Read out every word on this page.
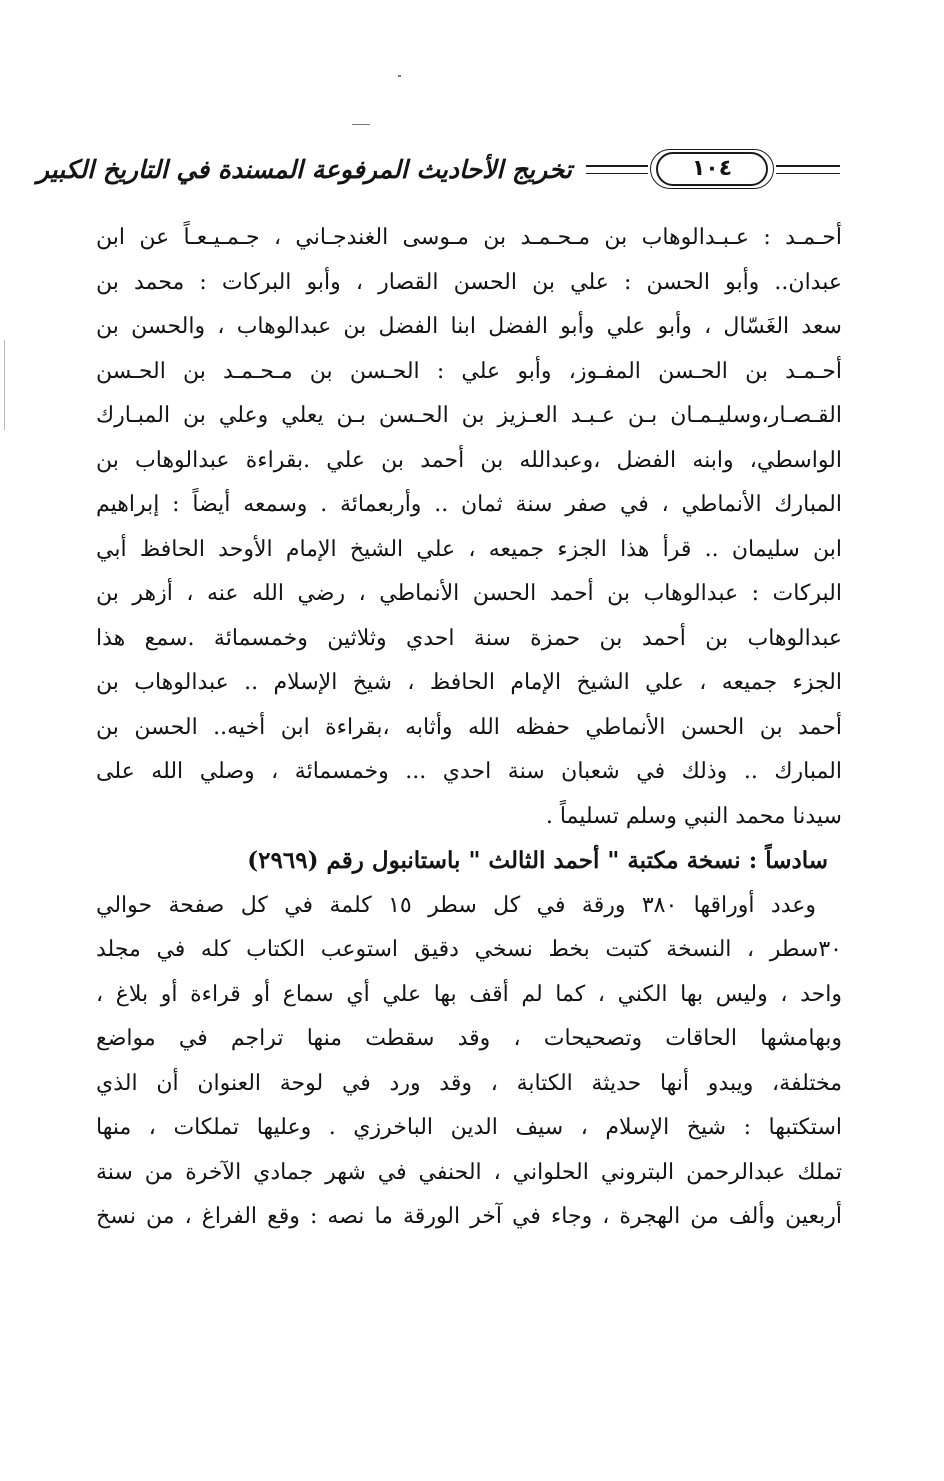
١٠٤
تخريج الأحاديث المرفوعة المسندة في التاريخ الكبير
أحـمـد : عـبـدالوهاب بن مـحـمـد بن مـوسى الغندجـاني ، جـمـيـعـاً عن ابن
عبدان.. وأبو الحسن : علي بن الحسن القصار ، وأبو البركات : محمد بن
سعد الغَسّال ، وأبو علي وأبو الفضل ابنا الفضل بن عبدالوهاب ، والحسن بن
أحـمـد بن الحـسن المفـوز، وأبو علي : الحـسن بن مـحـمـد بن الحـسن
القـصـار،وسليـمـان بـن عـبـد العـزيز بن الحـسن بـن يعلي وعلي بن المبـارك
الواسطي، وابنه الفضل ،وعبدالله بن أحمد بن علي .بقراءة عبدالوهاب بن
المبارك الأنماطي ، في صفر سنة ثمان .. وأربعمائة . وسمعه أيضاً : إبراهيم
ابن سليمان .. قرأ هذا الجزء جميعه ، علي الشيخ الإمام الأوحد الحافظ أبي
البركات : عبدالوهاب بن أحمد الحسن الأنماطي ، رضي الله عنه ، أزهر بن
عبدالوهاب بن أحمد بن حمزة سنة احدي وثلاثين وخمسمائة .سمع هذا
الجزء جميعه ، علي الشيخ الإمام الحافظ ، شيخ الإسلام .. عبدالوهاب بن
أحمد بن الحسن الأنماطي حفظه الله وأثابه ،بقراءة ابن أخيه.. الحسن بن
المبارك .. وذلك في شعبان سنة احدي ... وخمسمائة ، وصلي الله على
سيدنا محمد النبي وسلم تسليماً .
سادساً : نسخة مكتبة " أحمد الثالث " باستانبول رقم (٢٩٦٩)
وعدد أوراقها ٣٨٠ ورقة في كل سطر ١٥ كلمة في كل صفحة حوالي
٣٠سطر ، النسخة كتبت بخط نسخي دقيق استوعب الكتاب كله في مجلد
واحد ، وليس بها الكني ، كما لم أقف بها علي أي سماع أو قراءة أو بلاغ ،
وبهامشها الحاقات وتصحيحات ، وقد سقطت منها تراجم في مواضع
مختلفة، ويبدو أنها حديثة الكتابة ، وقد ورد في لوحة العنوان أن الذي
استكتبها : شيخ الإسلام ، سيف الدين الباخرزي . وعليها تملكات ، منها
تملك عبدالرحمن البتروني الحلواني ، الحنفي في شهر جمادي الآخرة من سنة
أربعين وألف من الهجرة ، وجاء في آخر الورقة ما نصه : وقع الفراغ ، من نسخ
